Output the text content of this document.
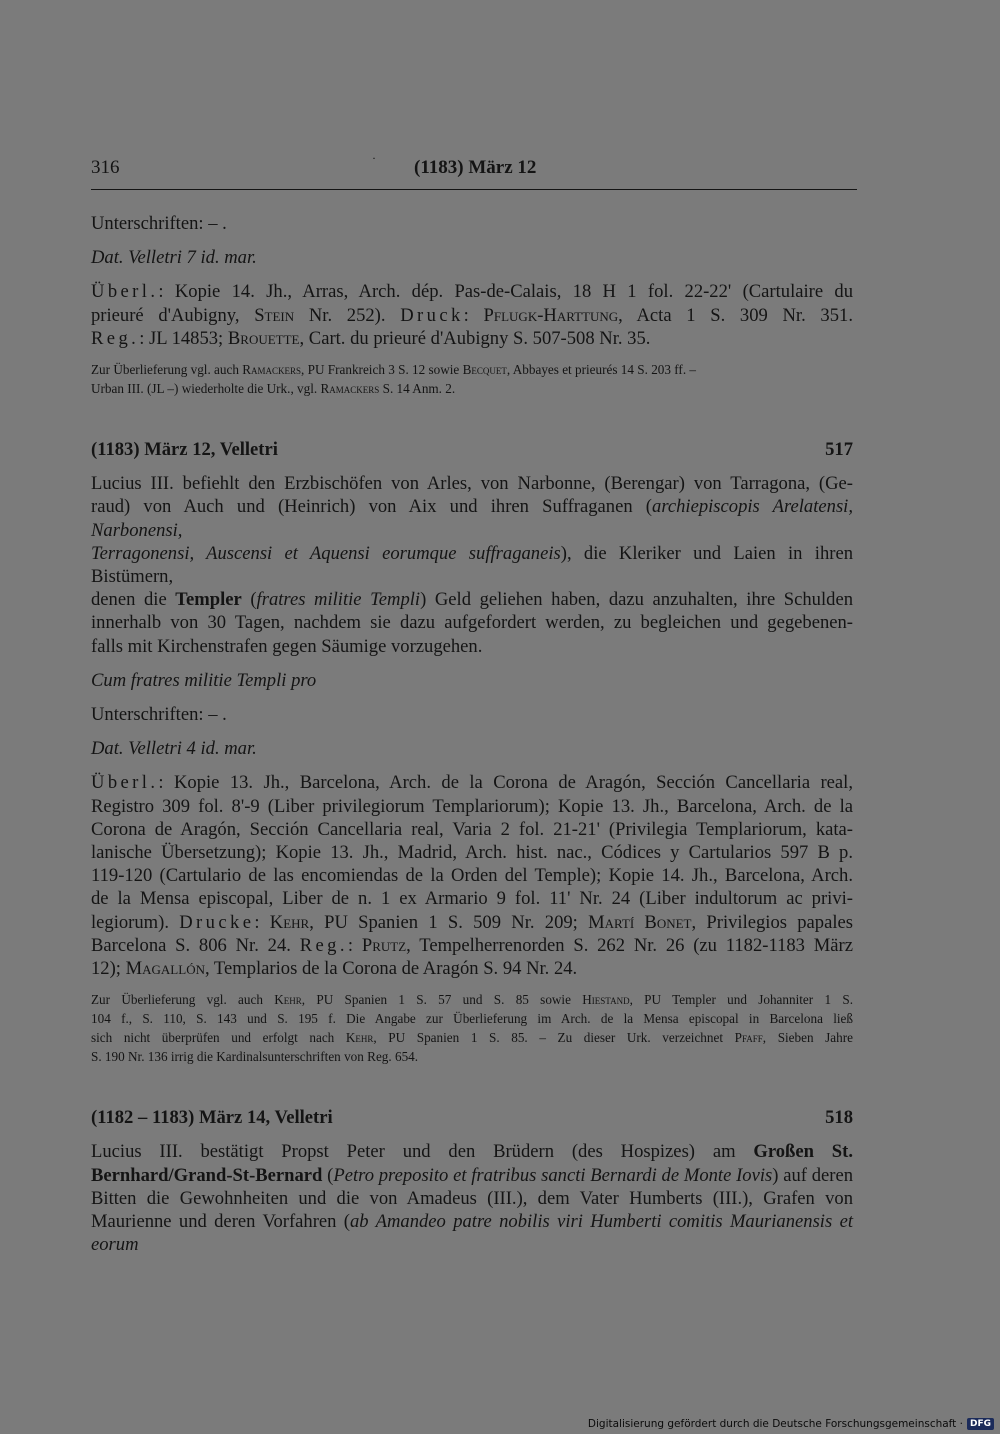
316	· (1183) März 12

Unterschriften: – .

Dat. Velletri 7 id. mar.

Überl.: Kopie 14. Jh., Arras, Arch. dép. Pas-de-Calais, 18 H 1 fol. 22-22' (Cartulaire du
prieuré d'Aubigny, Stein Nr. 252). Druck: Pflugk-Harttung, Acta 1 S. 309 Nr. 351.
Reg.: JL 14853; Brouette, Cart. du prieuré d'Aubigny S. 507-508 Nr. 35.
Zur Überlieferung vgl. auch Ramackers, PU Frankreich 3 S. 12 sowie Becquet, Abbayes et prieurés 14 S. 203 ff. –
Urban III. (JL –) wiederholte die Urk., vgl. Ramackers S. 14 Anm. 2.
(1183) März 12, Velletri	517
Lucius III. befiehlt den Erzbischöfen von Arles, von Narbonne, (Berengar) von Tarragona, (Ge-
raud) von Auch und (Heinrich) von Aix und ihren Suffraganen (archiepiscopis Arelatensi, Narbonensi,
Terragonensi, Auscensi et Aquensi eorumque suffraganeis), die Kleriker und Laien in ihren Bistümern,
denen die Templer (fratres militie Templi) Geld geliehen haben, dazu anzuhalten, ihre Schulden
innerhalb von 30 Tagen, nachdem sie dazu aufgefordert werden, zu begleichen und gegebenen-
falls mit Kirchenstrafen gegen Säumige vorzugehen.

Cum fratres militie Templi pro

Unterschriften: – .

Dat. Velletri 4 id. mar.

Überl.: Kopie 13. Jh., Barcelona, Arch. de la Corona de Aragón, Sección Cancellaria real,
Registro 309 fol. 8'-9 (Liber privilegiorum Templariorum); Kopie 13. Jh., Barcelona, Arch. de la
Corona de Aragón, Sección Cancellaria real, Varia 2 fol. 21-21' (Privilegia Templariorum, kata-
lanische Übersetzung); Kopie 13. Jh., Madrid, Arch. hist. nac., Códices y Cartularios 597 B p.
119-120 (Cartulario de las encomiendas de la Orden del Temple); Kopie 14. Jh., Barcelona, Arch.
de la Mensa episcopal, Liber de n. 1 ex Armario 9 fol. 11' Nr. 24 (Liber indultorum ac privi-
legiorum). Drucke: Kehr, PU Spanien 1 S. 509 Nr. 209; Martí Bonet, Privilegios papales
Barcelona S. 806 Nr. 24. Reg.: Prutz, Tempelherrenorden S. 262 Nr. 26 (zu 1182-1183 März
12); Magallón, Templarios de la Corona de Aragón S. 94 Nr. 24.
Zur Überlieferung vgl. auch Kehr, PU Spanien 1 S. 57 und S. 85 sowie Hiestand, PU Templer und Johanniter 1 S.
104 f., S. 110, S. 143 und S. 195 f. Die Angabe zur Überlieferung im Arch. de la Mensa episcopal in Barcelona ließ
sich nicht überprüfen und erfolgt nach Kehr, PU Spanien 1 S. 85. – Zu dieser Urk. verzeichnet Pfaff, Sieben Jahre
S. 190 Nr. 136 irrig die Kardinalsunterschriften von Reg. 654.
(1182 – 1183) März 14, Velletri	518
Lucius III. bestätigt Propst Peter und den Brüdern (des Hospizes) am Großen St.
Bernhard/Grand-St-Bernard (Petro preposito et fratribus sancti Bernardi de Monte Iovis) auf deren
Bitten die Gewohnheiten und die von Amadeus (III.), dem Vater Humberts (III.), Grafen von
Maurienne und deren Vorfahren (ab Amandeo patre nobilis viri Humberti comitis Maurianensis et eorum
Digitalisierung gefördert durch die Deutsche Forschungsgemeinschaft · DFG
